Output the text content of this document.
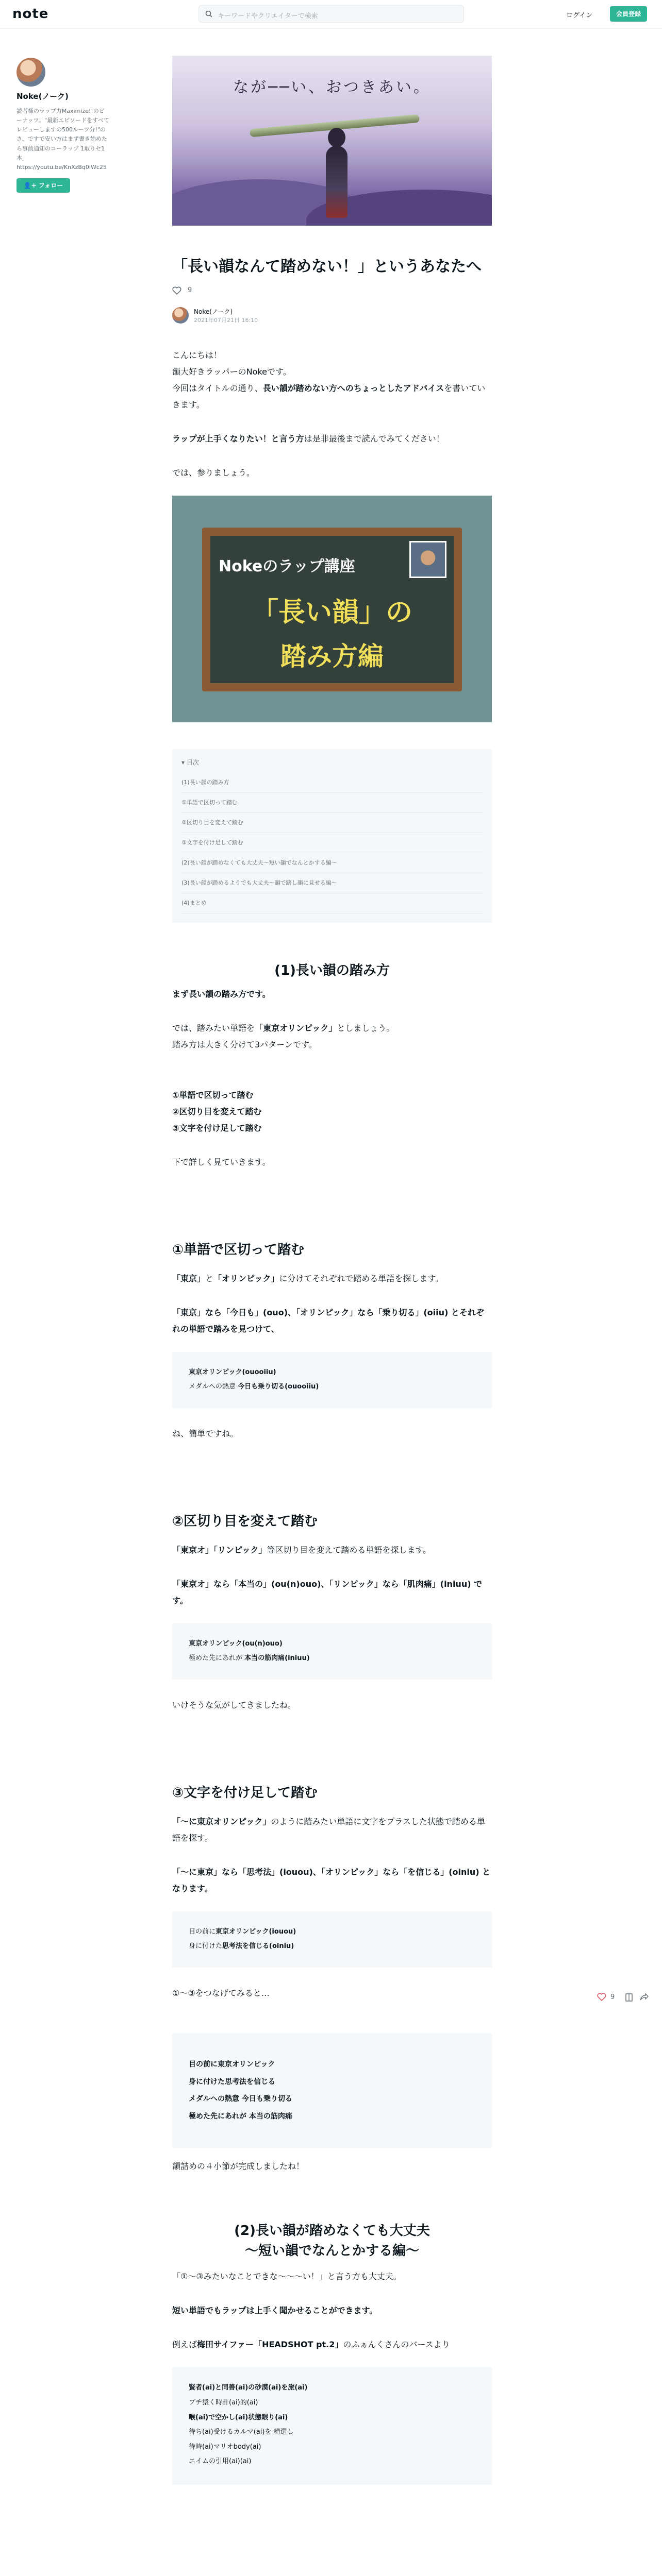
note	キーワードやクリエイターで検索	ログイン	会員登録
Noke(ノーク)
読者様のラップ力Maximize!!のビーナッツ。"最新エピソードをすべてレビューしますの500ルーツ分!"のさ、ですで安い方はまず書き始めたら事前通知のコーラップ 1取りセ1本」 https://youtu.be/KnXzBq0iWc25
👤+ フォロー
なが──い、おつきあい。
「長い韻なんて踏めない！」というあなたへ
9
Noke(ノーク)
2021年07月21日 16:10

こんにちは！

韻大好きラッパーのNokeです。

今回はタイトルの通り、長い韻が踏めない方へのちょっとしたアドバイスを書いていきます。

ラップが上手くなりたい！と言う方は是非最後まで読んでみてください！

では、参りましょう。

Nokeのラップ講座
「長い韻」の
踏み方編
▾ 目次
(1)長い韻の踏み方
①単語で区切って踏む
②区切り目を変えて踏む
③文字を付け足して踏む
(2)長い韻が踏めなくても大丈夫〜短い韻でなんとかする編〜
(3)長い韻が踏めるようでも大丈夫〜韻で踏し韻に見せる編〜
(4)まとめ
(1)長い韻の踏み方

まず長い韻の踏み方です。

では、踏みたい単語を「東京オリンピック」としましょう。

踏み方は大きく分けて3パターンです。

①単語で区切って踏む

②区切り目を変えて踏む

③文字を付け足して踏む

下で詳しく見ていきます。

①単語で区切って踏む

「東京」と「オリンピック」に分けてそれぞれで踏める単語を探します。

「東京」なら「今日も」(ouo)、「オリンピック」なら「乗り切る」(oiiu) とそれぞれの単語で踏みを見つけて、

東京オリンピック(ouooiiu)
メダルへの熱意 今日も乗り切る(ouooiiu)

ね、簡単ですね。

②区切り目を変えて踏む

「東京オ」「リンピック」等区切り目を変えて踏める単語を探します。

「東京オ」なら「本当の」(ou(n)ouo)、「リンピック」なら「肌肉痛」(iniuu) です。

東京オリンピック(ou(n)ouo)
極めた先にあれが 本当の筋肉痛(iniuu)

いけそうな気がしてきましたね。

③文字を付け足して踏む

「〜に東京オリンピック」のように踏みたい単語に文字をプラスした状態で踏める単語を探す。

「〜に東京」なら「思考法」(iouou)、「オリンピック」なら「を信じる」(oiniu) となります。

目の前に東京オリンピック(iouou)
身に付けた思考法を信じる(oiniu)

①〜③をつなげてみると…

目の前に東京オリンピック
身に付けた思考法を信じる
メダルへの熱意 今日も乗り切る
極めた先にあれが 本当の筋肉痛

韻詰めの４小節が完成しましたね！

(2)長い韻が踏めなくても大丈夫
〜短い韻でなんとかする編〜

「①〜③みたいなことできな〜〜〜い！」と言う方も大丈夫。

短い単語でもラップは上手く聞かせることができます。

例えば梅田サイファー「HEADSHOT pt.2」のふぁんくさんのバースより

賢者(ai)と同善(ai)の砂漠(ai)を旅(ai)
プチ猿く時計(ai)的(ai)
喉(ai)で空かし(ai)状態眼り(ai)
待ち(ai)受けるカルマ(ai)を 精選し
待時(ai)マリオbody(ai)
エイムの引用(ai)(ai)

9
